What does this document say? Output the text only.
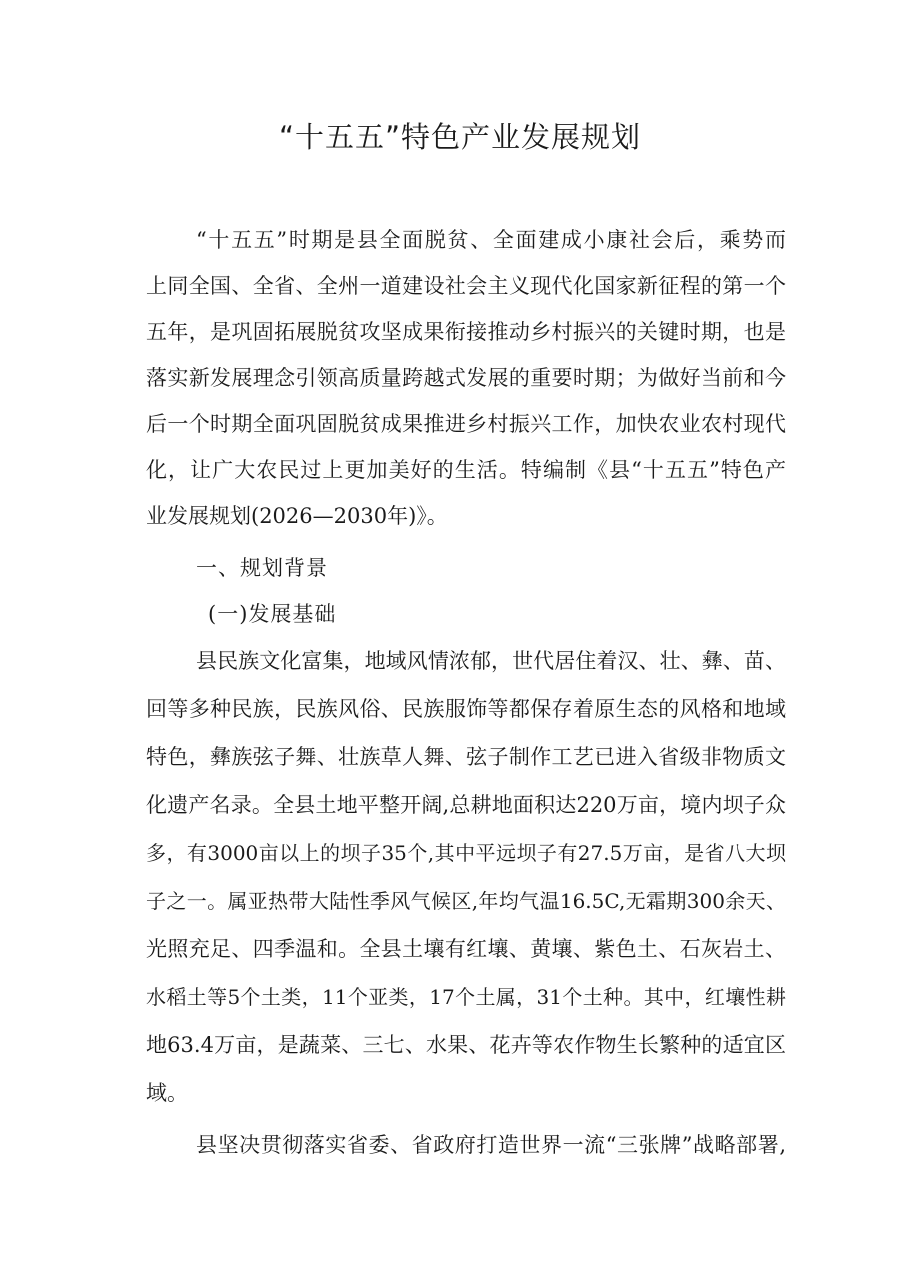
“十五五”特色产业发展规划
“十五五”时期是县全面脱贫、全面建成小康社会后，乘势而
上同全国、全省、全州一道建设社会主义现代化国家新征程的第一个
五年，是巩固拓展脱贫攻坚成果衔接推动乡村振兴的关键时期，也是
落实新发展理念引领高质量跨越式发展的重要时期；为做好当前和今
后一个时期全面巩固脱贫成果推进乡村振兴工作，加快农业农村现代
化，让广大农民过上更加美好的生活。特编制《县“十五五”特色产
业发展规划(2026—2030年)》。
一、规划背景
(一)发展基础
县民族文化富集，地域风情浓郁，世代居住着汉、壮、彝、苗、
回等多种民族，民族风俗、民族服饰等都保存着原生态的风格和地域
特色，彝族弦子舞、壮族草人舞、弦子制作工艺已进入省级非物质文
化遗产名录。全县土地平整开阔,总耕地面积达220万亩，境内坝子众
多，有3000亩以上的坝子35个,其中平远坝子有27.5万亩，是省八大坝
子之一。属亚热带大陆性季风气候区,年均气温16.5C,无霜期300余天、
光照充足、四季温和。全县土壤有红壤、黄壤、紫色土、石灰岩土、
水稻土等5个土类，11个亚类，17个土属，31个土种。其中，红壤性耕
地63.4万亩，是蔬菜、三七、水果、花卉等农作物生长繁种的适宜区
域。
县坚决贯彻落实省委、省政府打造世界一流“三张牌”战略部署,
